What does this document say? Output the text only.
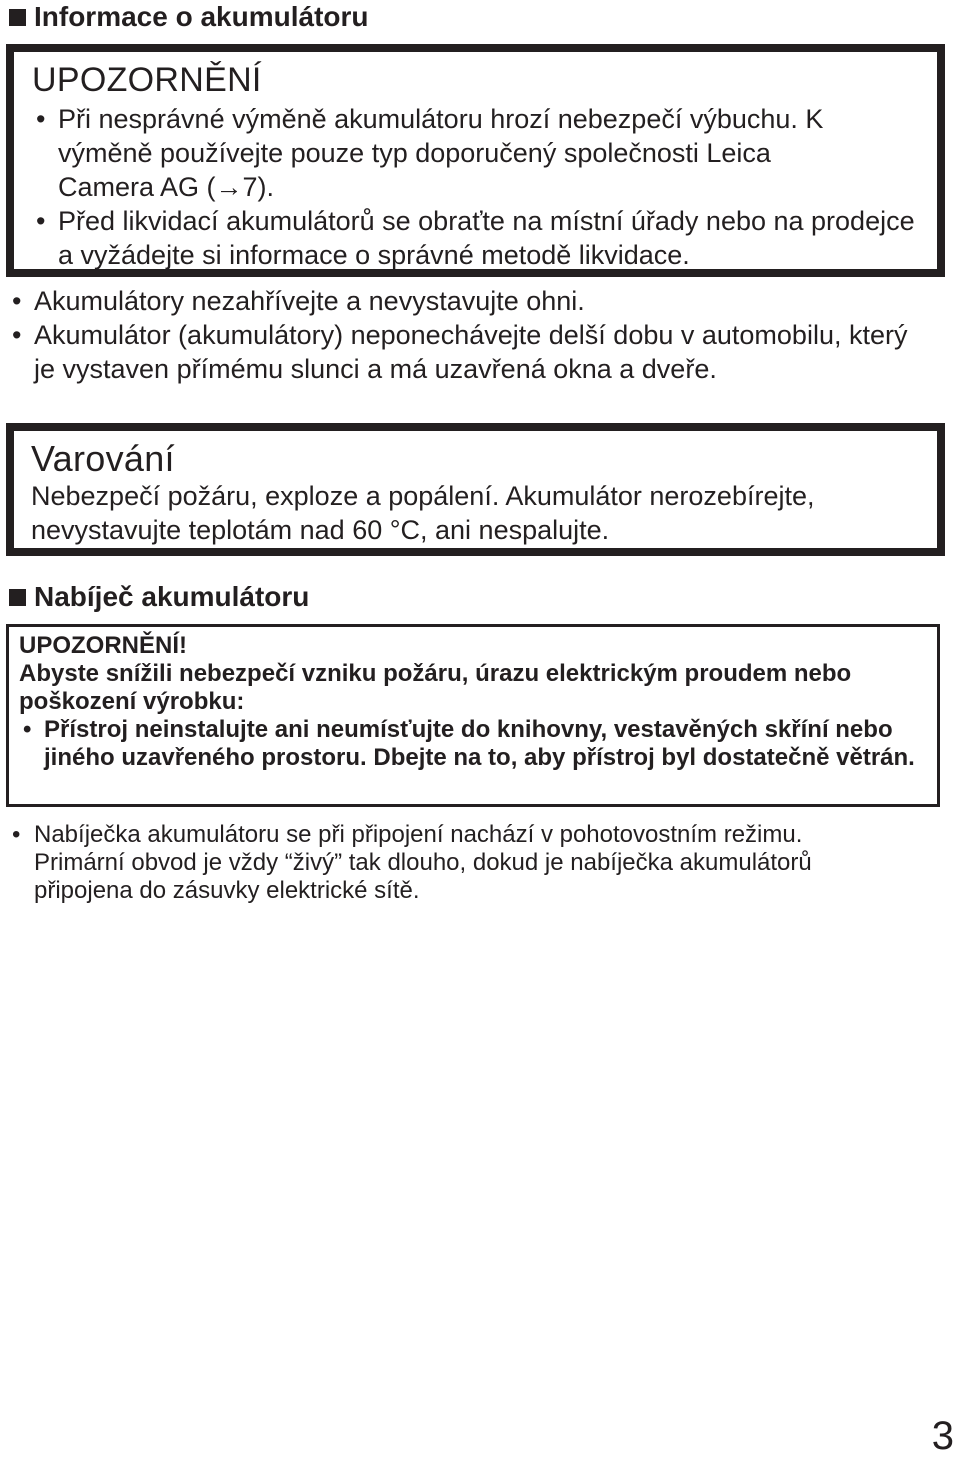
Informace o akumulátoru
UPOZORNĚNÍ
• Při nesprávné výměně akumulátoru hrozí nebezpečí výbuchu. K výměně používejte pouze typ doporučený společnosti Leica Camera AG (→7).
• Před likvidací akumulátorů se obraťte na místní úřady nebo na prodejce a vyžádejte si informace o správné metodě likvidace.
• Akumulátory nezahřívejte a nevystavujte ohni.
• Akumulátor (akumulátory) neponechávejte delší dobu v automobilu, který je vystaven přímému slunci a má uzavřená okna a dveře.
Varování
Nebezpečí požáru, exploze a popálení. Akumulátor nerozebírejte, nevystavujte teplotám nad 60 °C, ani nespalujte.
Nabíječ akumulátoru
UPOZORNĚNÍ!
Abyste snížili nebezpečí vzniku požáru, úrazu elektrickým proudem nebo poškození výrobku:
• Přístroj neinstalujte ani neumísťujte do knihovny, vestavěných skříní nebo jiného uzavřeného prostoru. Dbejte na to, aby přístroj byl dostatečně větrán.
• Nabíječka akumulátoru se při připojení nachází v pohotovostním režimu. Primární obvod je vždy “živý” tak dlouho, dokud je nabíječka akumulátorů připojena do zásuvky elektrické sítě.
3
